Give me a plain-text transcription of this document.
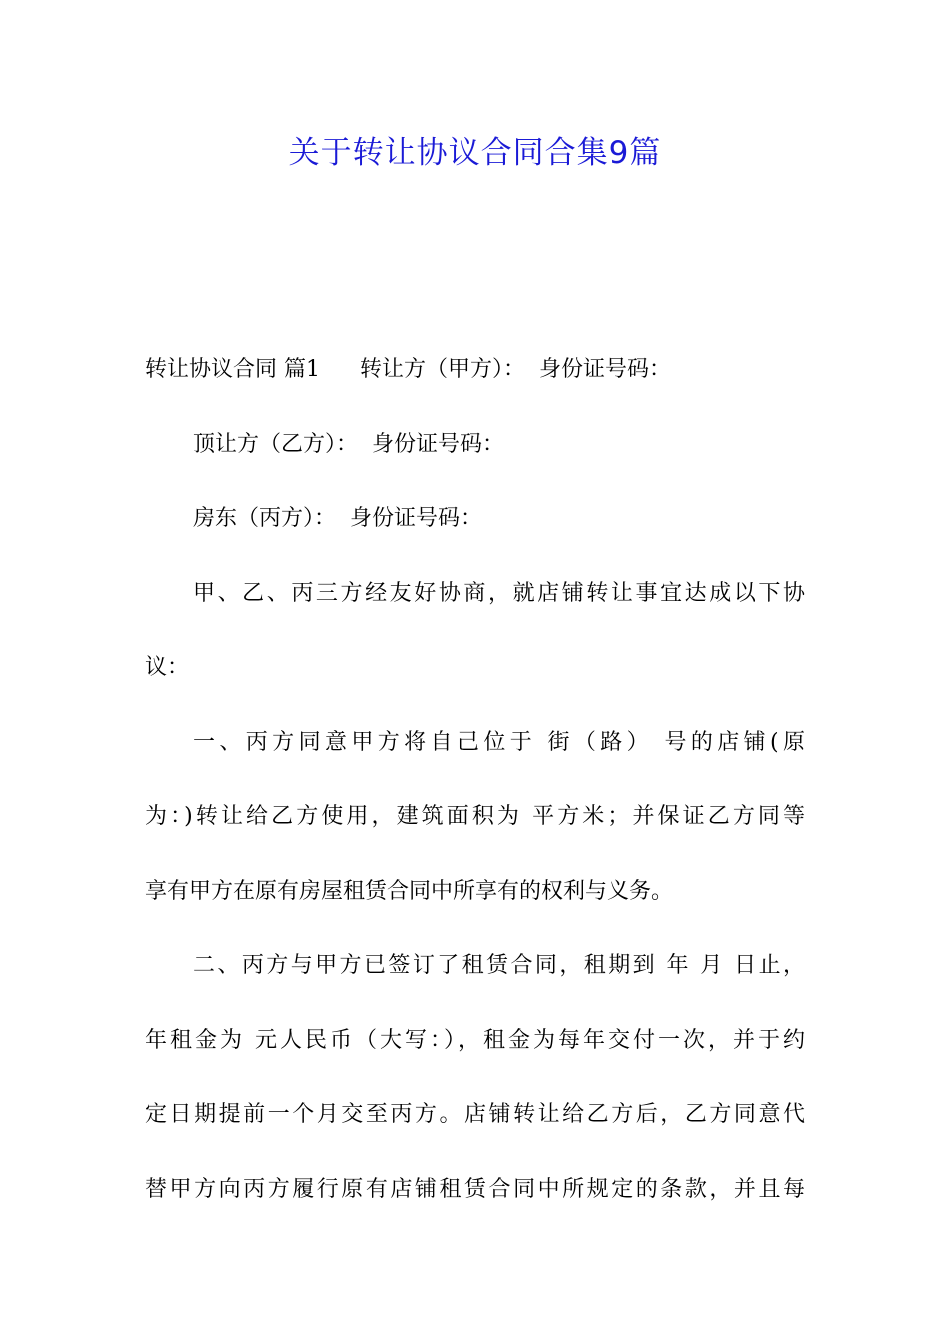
关于转让协议合同合集9篇
转让协议合同 篇1 转让方（甲方）： 身份证号码：
顶让方（乙方）： 身份证号码：
房东（丙方）： 身份证号码：
甲、乙、丙三方经友好协商，就店铺转让事宜达成以下协
议：
一、丙方同意甲方将自己位于 街（路） 号的店铺(原
为：)转让给乙方使用，建筑面积为 平方米；并保证乙方同等
享有甲方在原有房屋租赁合同中所享有的权利与义务。
二、丙方与甲方已签订了租赁合同，租期到 年 月 日止，
年租金为 元人民币（大写：），租金为每年交付一次，并于约
定日期提前一个月交至丙方。店铺转让给乙方后，乙方同意代
替甲方向丙方履行原有店铺租赁合同中所规定的条款，并且每
